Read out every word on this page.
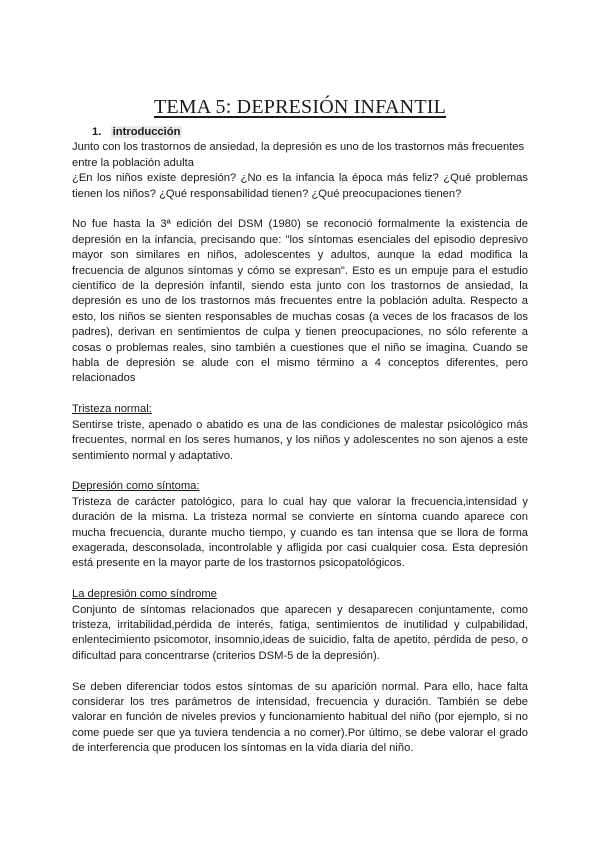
TEMA 5: DEPRESIÓN INFANTIL

1. introducción

Junto con los trastornos de ansiedad, la depresión es uno de los trastornos más frecuentes

entre la población adulta

¿En los niños existe depresión? ¿No es la infancia la época más feliz? ¿Qué problemas tienen los niños? ¿Qué responsabilidad tienen? ¿Qué preocupaciones tienen?

No fue hasta la 3ª edición del DSM (1980) se reconoció formalmente la existencia de depresión en la infancia, precisando que: "los síntomas esenciales del episodio depresivo mayor son similares en niños, adolescentes y adultos, aunque la edad modifica la frecuencia de algunos síntomas y cómo se expresan". Esto es un empuje para el estudio científico de la depresión infantil, siendo esta junto con los trastornos de ansiedad, la depresión es uno de los trastornos más frecuentes entre la población adulta. Respecto a esto, los niños se sienten responsables de muchas cosas (a veces de los fracasos de los padres), derivan en sentimientos de culpa y tienen preocupaciones, no sólo referente a cosas o problemas reales, sino también a cuestiones que el niño se imagina. Cuando se habla de depresión se alude con el mismo término a 4 conceptos diferentes, pero relacionados

Tristeza normal:

Sentirse triste, apenado o abatido es una de las condiciones de malestar psicológico más frecuentes, normal en los seres humanos, y los niños y adolescentes no son ajenos a este sentimiento normal y adaptativo.

Depresión como síntoma:

Tristeza de carácter patológico, para lo cual hay que valorar la frecuencia,intensidad y duración de la misma. La tristeza normal se convierte en síntoma cuando aparece con mucha frecuencia, durante mucho tiempo, y cuando es tan intensa que se llora de forma exagerada, desconsolada, incontrolable y afligida por casi cualquier cosa. Esta depresión está presente en la mayor parte de los trastornos psicopatológicos.

La depresión como síndrome

Conjunto de síntomas relacionados que aparecen y desaparecen conjuntamente, como tristeza, irritabilidad,pérdida de interés, fatiga, sentimientos de inutilidad y culpabilidad, enlentecimiento psicomotor, insomnio,ideas de suicidio, falta de apetito, pérdida de peso, o dificultad para concentrarse (criterios DSM-5 de la depresión).

Se deben diferenciar todos estos síntomas de su aparición normal. Para ello, hace falta considerar los tres parámetros de intensidad, frecuencia y duración. También se debe valorar en función de niveles previos y funcionamiento habitual del niño (por ejemplo, si no come puede ser que ya tuviera tendencia a no comer).Por último, se debe valorar el grado de interferencia que producen los síntomas en la vida diaria del niño.
